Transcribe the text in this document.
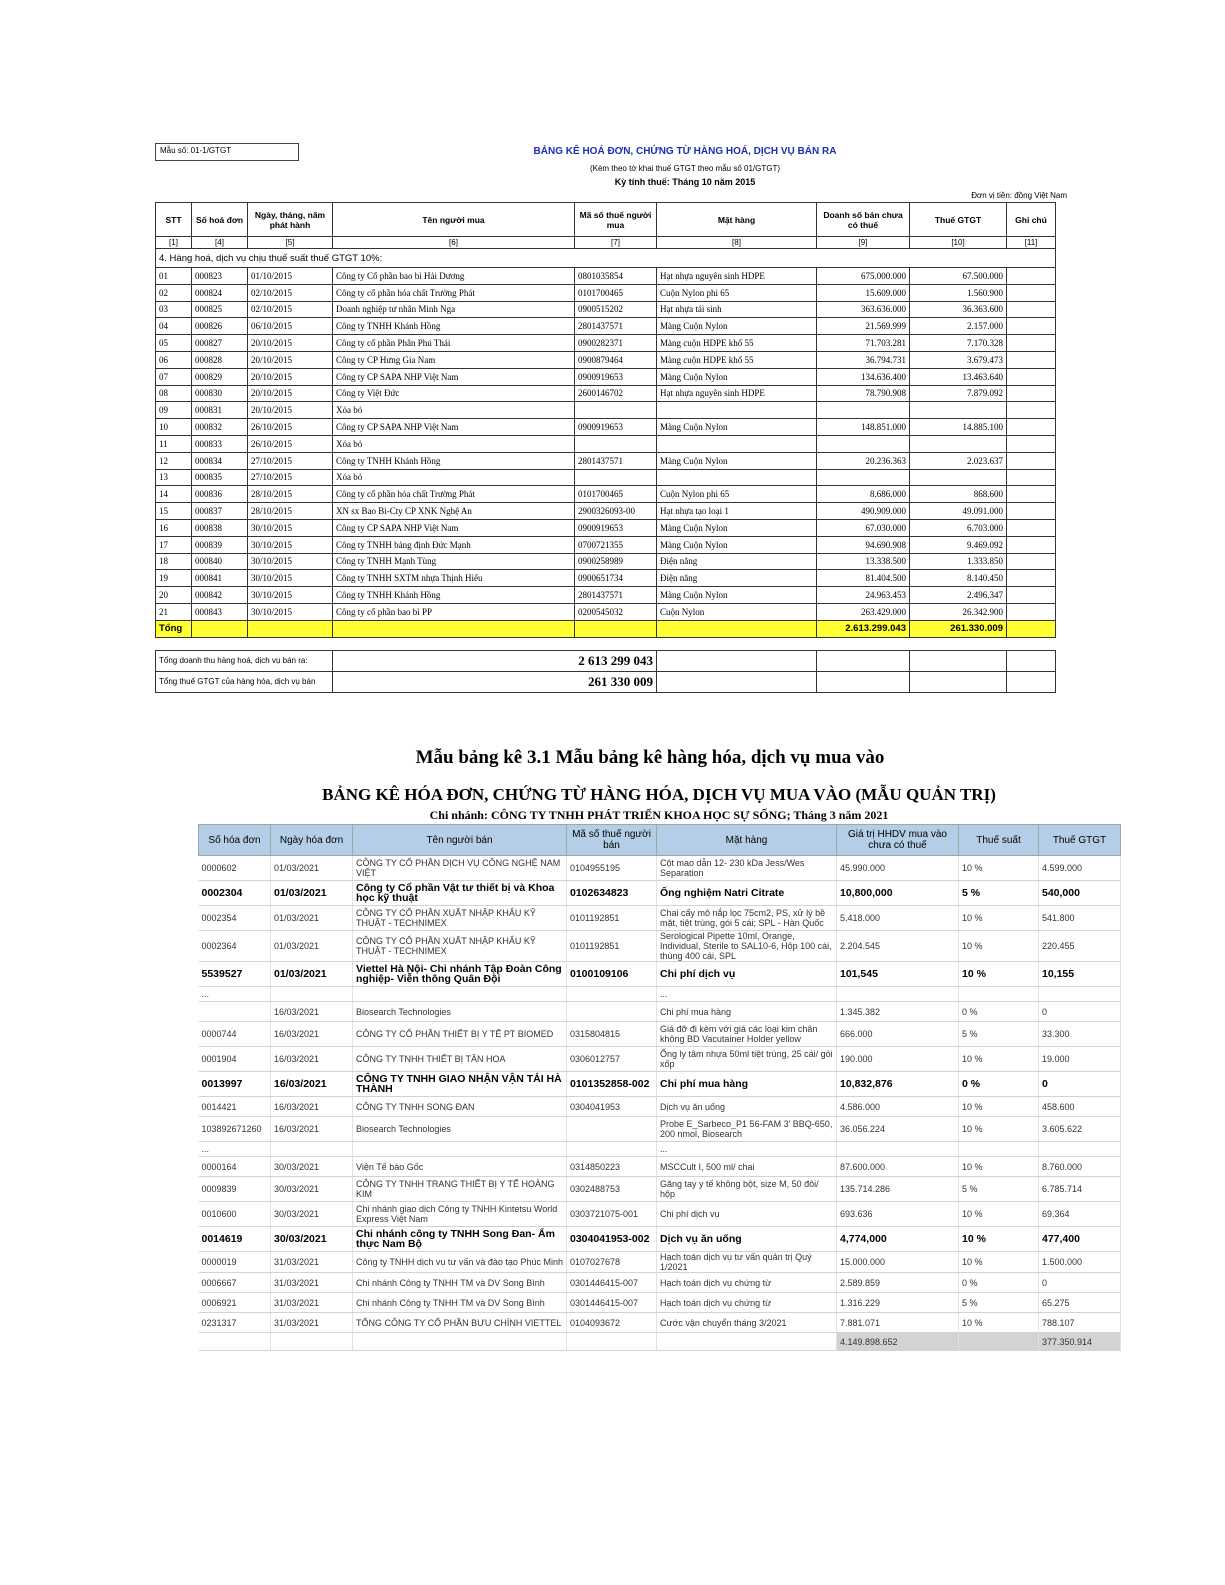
Mẫu số: 01-1/GTGT	BẢNG KÊ HOÁ ĐƠN, CHỨNG TỪ HÀNG HOÁ, DỊCH VỤ BÁN RA
(Kèm theo tờ khai thuế GTGT theo mẫu số 01/GTGT)
Kỳ tính thuế: Tháng 10 năm 2015
Đơn vị tiền: đồng Việt Nam
STT	Số hoá đơn	Ngày, tháng, năm phát hành	Tên người mua	Mã số thuế người mua	Mặt hàng	Doanh số bán chưa có thuế	Thuế GTGT	Ghi chú
[1]	[4]	[5]	[6]	[7]	[8]	[9]	[10]	[11]
4. Hàng hoá, dịch vụ chịu thuế suất thuế GTGT 10%:								
01	000823	01/10/2015	Công ty Cổ phần bao bì Hải Dương	0801035854	Hạt nhựa nguyên sinh HDPE	675.000.000	67.500.000	
02	000824	02/10/2015	Công ty cổ phần hóa chất Trường Phát	0101700465	Cuộn Nylon phi 65	15.609.000	1.560.900	
03	000825	02/10/2015	Doanh nghiệp tư nhân Minh Nga	0900515202	Hạt nhựa tái sinh	363.636.000	36.363.600	
04	000826	06/10/2015	Công ty TNHH Khánh Hồng	2801437571	Màng Cuộn Nylon	21.569.999	2.157.000	
05	000827	20/10/2015	Công ty cổ phần Phân Phú Thái	0900282371	Màng cuộn HDPE khổ 55	71.703.281	7.170.328	
06	000828	20/10/2015	Công ty CP Hưng Gia Nam	0900879464	Màng cuộn HDPE khổ 55	36.794.731	3.679.473	
07	000829	20/10/2015	Công ty CP SAPA NHP Việt Nam	0900919653	Màng Cuộn Nylon	134.636.400	13.463.640	
08	000830	20/10/2015	Công ty Việt Đức	2600146702	Hạt nhựa nguyên sinh HDPE	78.790.908	7.879.092	
09	000831	20/10/2015	Xóa bỏ					
10	000832	26/10/2015	Công ty CP SAPA NHP Việt Nam	0900919653	Màng Cuộn Nylon	148.851.000	14.885.100	
11	000833	26/10/2015	Xóa bỏ					
12	000834	27/10/2015	Công ty TNHH Khánh Hồng	2801437571	Màng Cuộn Nylon	20.236.363	2.023.637	
13	000835	27/10/2015	Xóa bỏ					
14	000836	28/10/2015	Công ty cổ phần hóa chất Trường Phát	0101700465	Cuộn Nylon phi 65	8.686.000	868.600	
15	000837	28/10/2015	XN sx Bao Bì-Cty CP XNK Nghệ An	2900326093-00	Hạt nhựa tạo loại 1	490.909.000	49.091.000	
16	000838	30/10/2015	Công ty CP SAPA NHP Việt Nam	0900919653	Màng Cuộn Nylon	67.030.000	6.703.000	
17	000839	30/10/2015	Công ty TNHH bảng định Đức Mạnh	0700721355	Màng Cuộn Nylon	94.690.908	9.469.092	
18	000840	30/10/2015	Công ty TNHH Mạnh Tùng	0900258989	Điện năng	13.338.500	1.333.850	
19	000841	30/10/2015	Công ty TNHH SXTM nhựa Thịnh Hiếu	0900651734	Điện năng	81.404.500	8.140.450	
20	000842	30/10/2015	Công ty TNHH Khánh Hồng	2801437571	Màng Cuộn Nylon	24.963.453	2.496.347	
21	000843	30/10/2015	Công ty cổ phần bao bì PP	0200545032	Cuộn Nylon	263.429.000	26.342.900	
Tổng						2.613.299.043	261.330.009	

Tổng doanh thu hàng hoá, dịch vụ bán ra:			2 613 299 043					
Tổng thuế GTGT của hàng hóa, dịch vụ bán			261 330 009					
Mẫu bảng kê 3.1 Mẫu bảng kê hàng hóa, dịch vụ mua vào
BẢNG KÊ HÓA ĐƠN, CHỨNG TỪ HÀNG HÓA, DỊCH VỤ MUA VÀO (MẪU QUẢN TRỊ)
Chi nhánh: CÔNG TY TNHH PHÁT TRIỂN KHOA HỌC SỰ SỐNG; Tháng 3 năm 2021
Số hóa đơn	Ngày hóa đơn	Tên người bán	Mã số thuế người bán	Mặt hàng	Giá trị HHDV mua vào chưa có thuế	Thuế suất	Thuế GTGT
0000602	01/03/2021	CÔNG TY CỔ PHẦN DỊCH VỤ CÔNG NGHỆ NAM VIỆT	0104955195	Cột mao dẫn 12- 230 kDa Jess/Wes Separation	45.990.000	10 %	4.599.000
0002304	01/03/2021	Công ty Cổ phần Vật tư thiết bị và Khoa học kỹ thuật	0102634823	Ống nghiệm Natri Citrate	10,800,000	5 %	540,000
0002354	01/03/2021	CÔNG TY CỔ PHẦN XUẤT NHẬP KHẨU KỸ THUẬT - TECHNIMEX	0101192851	Chai cấy mô nắp lọc 75cm2, PS, xử lý bề mặt, tiệt trùng, gói 5 cái; SPL - Hàn Quốc	5.418.000	10 %	541.800
0002364	01/03/2021	CÔNG TY CỔ PHẦN XUẤT NHẬP KHẨU KỸ THUẬT - TECHNIMEX	0101192851	Serological Pipette 10ml, Orange, Individual, Sterile to SAL10-6, Hộp 100 cái, thùng 400 cái, SPL	2.204.545	10 %	220.455
5539527	01/03/2021	Viettel Hà Nội- Chi nhánh Tập Đoàn Công nghiệp- Viễn thông Quân Đội	0100109106	Chi phí dịch vụ	101,545	10 %	10,155
...				...			
	16/03/2021	Biosearch Technologies		Chi phí mua hàng	1.345.382	0 %	0
0000744	16/03/2021	CÔNG TY CỔ PHẦN THIẾT BỊ Y TẾ PT BIOMED	0315804815	Giá đỡ đi kèm với giá các loại kim chân không BD Vacutainer Holder yellow	666.000	5 %	33.300
0001904	16/03/2021	CÔNG TY TNHH THIẾT BỊ TÂN HOA	0306012757	Ống ly tâm nhựa 50ml tiệt trùng, 25 cái/ gói xốp	190.000	10 %	19.000
0013997	16/03/2021	CÔNG TY TNHH GIAO NHẬN VẬN TẢI HÀ THÀNH	0101352858-002	Chi phí mua hàng	10,832,876	0 %	0
0014421	16/03/2021	CÔNG TY TNHH SONG ĐAN	0304041953	Dịch vụ ăn uống	4.586.000	10 %	458.600
103892671260	16/03/2021	Biosearch Technologies		Probe E_Sarbeco_P1 56-FAM 3' BBQ-650, 200 nmol, Biosearch	36.056.224	10 %	3.605.622
...				...			
0000164	30/03/2021	Viện Tế bào Gốc	0314850223	MSCCult I, 500 ml/ chai	87.600.000	10 %	8.760.000
0009839	30/03/2021	CÔNG TY TNHH TRANG THIẾT BỊ Y TẾ HOÀNG KIM	0302488753	Găng tay y tế không bột, size M, 50 đôi/ hộp	135.714.286	5 %	6.785.714
0010600	30/03/2021	Chi nhánh giao dịch Công ty TNHH Kintetsu World Express Việt Nam	0303721075-001	Chi phí dịch vụ	693.636	10 %	69.364
0014619	30/03/2021	Chi nhánh công ty TNHH Song Đan- Ẩm thực Nam Bộ	0304041953-002	Dịch vụ ăn uống	4,774,000	10 %	477,400
0000019	31/03/2021	Công ty TNHH dịch vụ tư vấn và đào tạo Phúc Minh	0107027678	Hạch toán dịch vụ tư vấn quản trị Quý 1/2021	15.000.000	10 %	1.500.000
0006667	31/03/2021	Chi nhánh Công ty TNHH TM và DV Song Bình	0301446415-007	Hạch toán dịch vụ chứng từ	2.589.859	0 %	0
0006921	31/03/2021	Chi nhánh Công ty TNHH TM và DV Song Bình	0301446415-007	Hạch toán dịch vụ chứng từ	1.316.229	5 %	65.275
0231317	31/03/2021	TỔNG CÔNG TY CỔ PHẦN BƯU CHÍNH VIETTEL	0104093672	Cước vận chuyển tháng 3/2021	7.881.071	10 %	788.107
					4.149.898.652		377.350.914
